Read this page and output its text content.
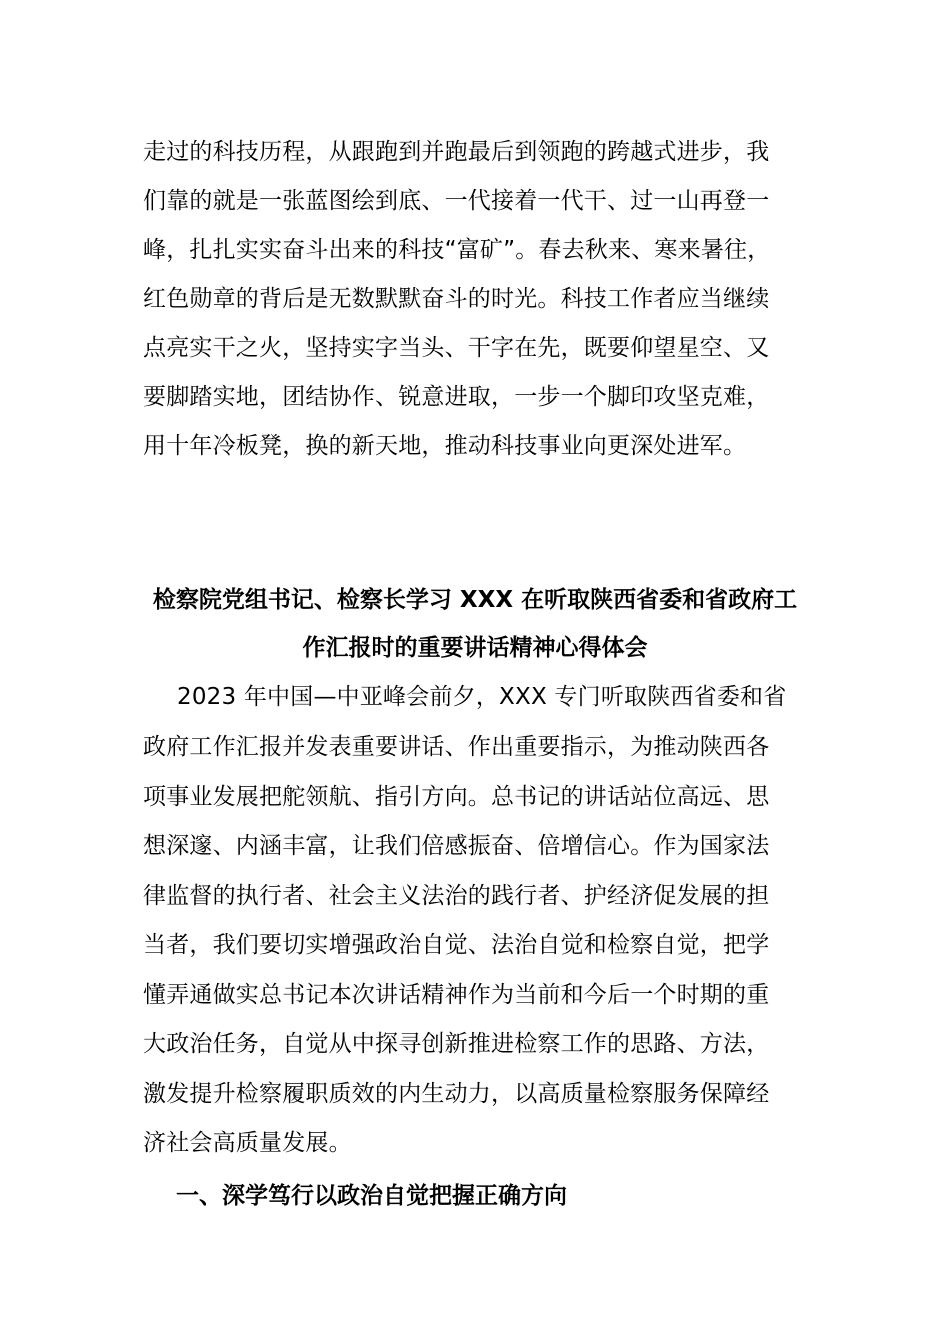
走过的科技历程，从跟跑到并跑最后到领跑的跨越式进步，我
们靠的就是一张蓝图绘到底、一代接着一代干、过一山再登一
峰，扎扎实实奋斗出来的科技“富矿”。春去秋来、寒来暑往，
红色勋章的背后是无数默默奋斗的时光。科技工作者应当继续
点亮实干之火，坚持实字当头、干字在先，既要仰望星空、又
要脚踏实地，团结协作、锐意进取，一步一个脚印攻坚克难，
用十年冷板凳，换的新天地，推动科技事业向更深处进军。
检察院党组书记、检察长学习 XXX 在听取陕西省委和省政府工
作汇报时的重要讲话精神心得体会
2023 年中国—中亚峰会前夕，XXX 专门听取陕西省委和省
政府工作汇报并发表重要讲话、作出重要指示，为推动陕西各
项事业发展把舵领航、指引方向。总书记的讲话站位高远、思
想深邃、内涵丰富，让我们倍感振奋、倍增信心。作为国家法
律监督的执行者、社会主义法治的践行者、护经济促发展的担
当者，我们要切实增强政治自觉、法治自觉和检察自觉，把学
懂弄通做实总书记本次讲话精神作为当前和今后一个时期的重
大政治任务，自觉从中探寻创新推进检察工作的思路、方法，
激发提升检察履职质效的内生动力，以高质量检察服务保障经
济社会高质量发展。
一、深学笃行以政治自觉把握正确方向
